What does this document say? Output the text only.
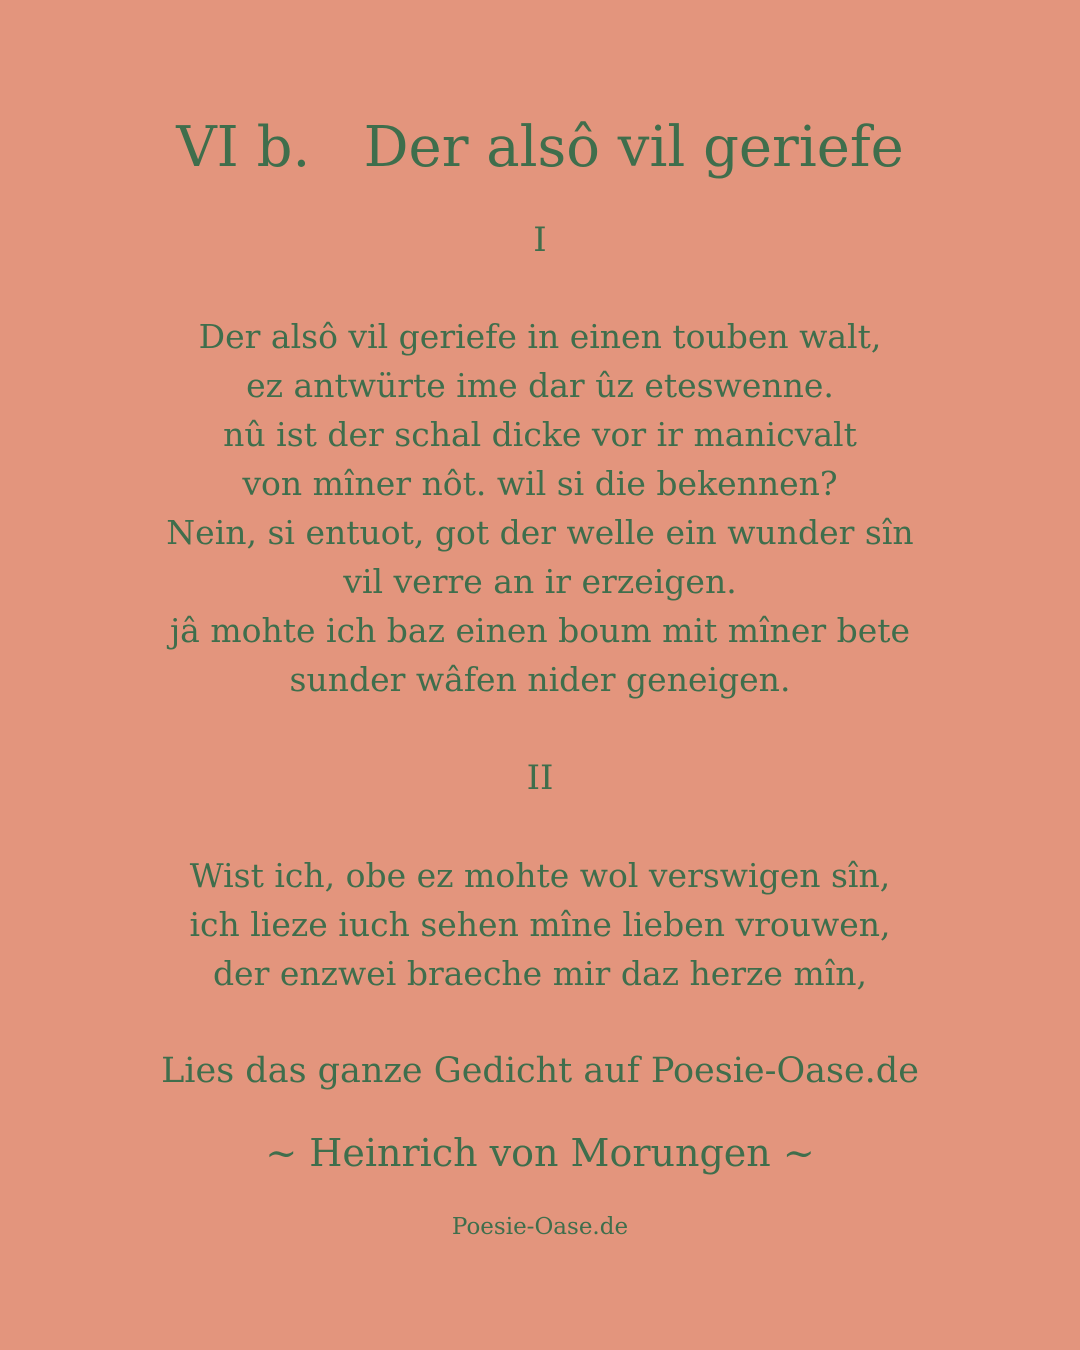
VI b.   Der alsô vil geriefe
I
Der alsô vil geriefe in einen touben walt,
ez antwürte ime dar ûz eteswenne.
nû ist der schal dicke vor ir manicvalt
von mîner nôt. wil si die bekennen?
Nein, si entuot, got der welle ein wunder sîn
vil verre an ir erzeigen.
jâ mohte ich baz einen boum mit mîner bete
sunder wâfen nider geneigen.
II
Wist ich, obe ez mohte wol verswigen sîn,
ich lieze iuch sehen mîne lieben vrouwen,
der enzwei braeche mir daz herze mîn,
Lies das ganze Gedicht auf Poesie-Oase.de
~ Heinrich von Morungen ~
Poesie-Oase.de
